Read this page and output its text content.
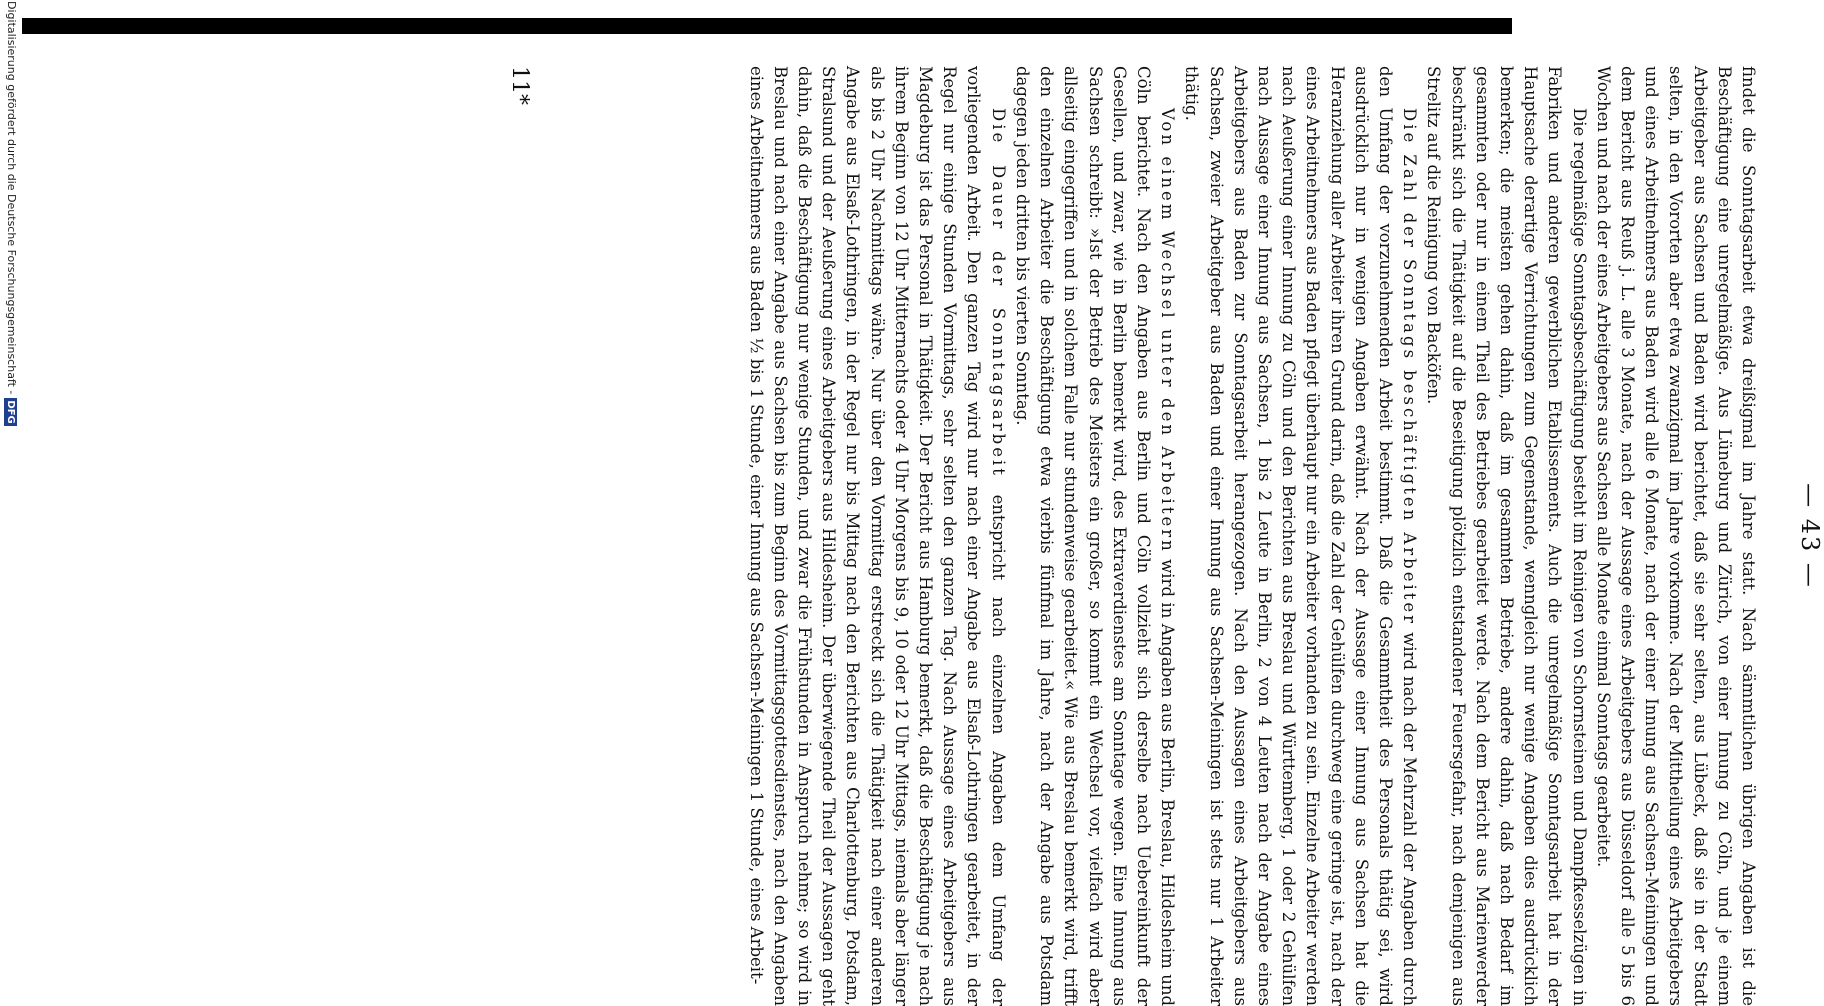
Digitalisierung gefördert durch die Deutsche Forschungsgemeinschaft -DFG
— 43 —

findet die Sonntagsarbeit etwa dreißigmal im Jahre statt. Nach sämmtlichen übrigen Angaben ist die Beschäftigung eine unregelmäßige. Aus Lüneburg und Zürich, von einer Innung zu Cöln, und je einem Arbeitgeber aus Sachsen und Baden wird berichtet, daß sie sehr selten, aus Lübeck, daß sie in der Stadt selten, in den Vororten aber etwa zwanzigmal im Jahre vorkomme. Nach der Mittheilung eines Arbeitgebers und eines Arbeitnehmers aus Baden wird alle 6 Monate, nach der einer Innung aus Sachsen-Meiningen und dem Bericht aus Reuß j. L. alle 3 Monate, nach der Aussage eines Arbeitgebers aus Düsseldorf alle 5 bis 6 Wochen und nach der eines Arbeitgebers aus Sachsen alle Monate einmal Sonntags gearbeitet.

Die regelmäßige Sonntagsbeschäftigung besteht im Reinigen von Schornsteinen und Dampfkesselzügen in Fabriken und anderen gewerblichen Etablissements. Auch die unregelmäßige Sonntagsarbeit hat in der Hauptsache derartige Verrichtungen zum Gegenstande, wenngleich nur wenige Angaben dies ausdrücklich bemerken; die meisten gehen dahin, daß im gesammten Betriebe, andere dahin, daß nach Bedarf im gesammten oder nur in einem Theil des Betriebes gearbeitet werde. Nach dem Bericht aus Marienwerder beschränkt sich die Thätigkeit auf die Beseitigung plötzlich entstandener Feuersgefahr, nach demjenigen aus Strelitz auf die Reinigung von Backöfen.

Die Zahl der Sonntags beschäftigten Arbeiter wird nach der Mehrzahl der Angaben durch den Umfang der vorzunehmenden Arbeit bestimmt. Daß die Gesammtheit des Personals thätig sei, wird ausdrücklich nur in wenigen Angaben erwähnt. Nach der Aussage einer Innung aus Sachsen hat die Heranziehung aller Arbeiter ihren Grund darin, daß die Zahl der Gehülfen durchweg eine geringe ist, nach der eines Arbeitnehmers aus Baden pflegt überhaupt nur ein Arbeiter vorhanden zu sein. Einzelne Arbeiter werden nach Aeußerung einer Innung zu Cöln und den Berichten aus Breslau und Württemberg, 1 oder 2 Gehülfen nach Aussage einer Innung aus Sachsen, 1 bis 2 Leute in Berlin, 2 von 4 Leuten nach der Angabe eines Arbeitgebers aus Baden zur Sonntagsarbeit herangezogen. Nach den Aussagen eines Arbeitgebers aus Sachsen, zweier Arbeitgeber aus Baden und einer Innung aus Sachsen-Meiningen ist stets nur 1 Arbeiter thätig.

Von einem Wechsel unter den Arbeitern wird in Angaben aus Berlin, Breslau, Hildesheim und Cöln berichtet. Nach den Angaben aus Berlin und Cöln vollzieht sich derselbe nach Uebereinkunft der Gesellen, und zwar, wie in Berlin bemerkt wird, des Extraverdienstes am Sonntage wegen. Eine Innung aus Sachsen schreibt: »Ist der Betrieb des Meisters ein großer, so kommt ein Wechsel vor, vielfach wird aber allseitig eingegriffen und in solchem Falle nur stundenweise gearbeitet.« Wie aus Breslau bemerkt wird, trifft den einzelnen Arbeiter die Beschäftigung etwa vierbis fünfmal im Jahre, nach der Angabe aus Potsdam dagegen jeden dritten bis vierten Sonntag.

Die Dauer der Sonntagsarbeit entspricht nach einzelnen Angaben dem Umfang der vorliegenden Arbeit. Den ganzen Tag wird nur nach einer Angabe aus Elsaß-Lothringen gearbeitet, in der Regel nur einige Stunden Vormittags, sehr selten den ganzen Tag. Nach Aussage eines Arbeitgebers aus Magdeburg ist das Personal in Thätigkeit. Der Bericht aus Hamburg bemerkt, daß die Beschäftigung je nach ihrem Beginn von 12 Uhr Mitternachts oder 4 Uhr Morgens bis 9, 10 oder 12 Uhr Mittags, niemals aber länger als bis 2 Uhr Nachmittags währe. Nur über den Vormittag erstreckt sich die Thätigkeit nach einer anderen Angabe aus Elsaß-Lothringen, in der Regel nur bis Mittag nach den Berichten aus Charlottenburg, Potsdam, Stralsund und der Aeußerung eines Arbeitgebers aus Hildesheim. Der überwiegende Theil der Aussagen geht dahin, daß die Beschäftigung nur wenige Stunden, und zwar die Frühstunden in Anspruch nehme; so wird in Breslau und nach einer Angabe aus Sachsen bis zum Beginn des Vormittagsgottesdienstes, nach den Angaben eines Arbeitnehmers aus Baden ½ bis 1 Stunde, einer Innung aus Sachsen-Meiningen 1 Stunde, eines Arbeit-

11*
